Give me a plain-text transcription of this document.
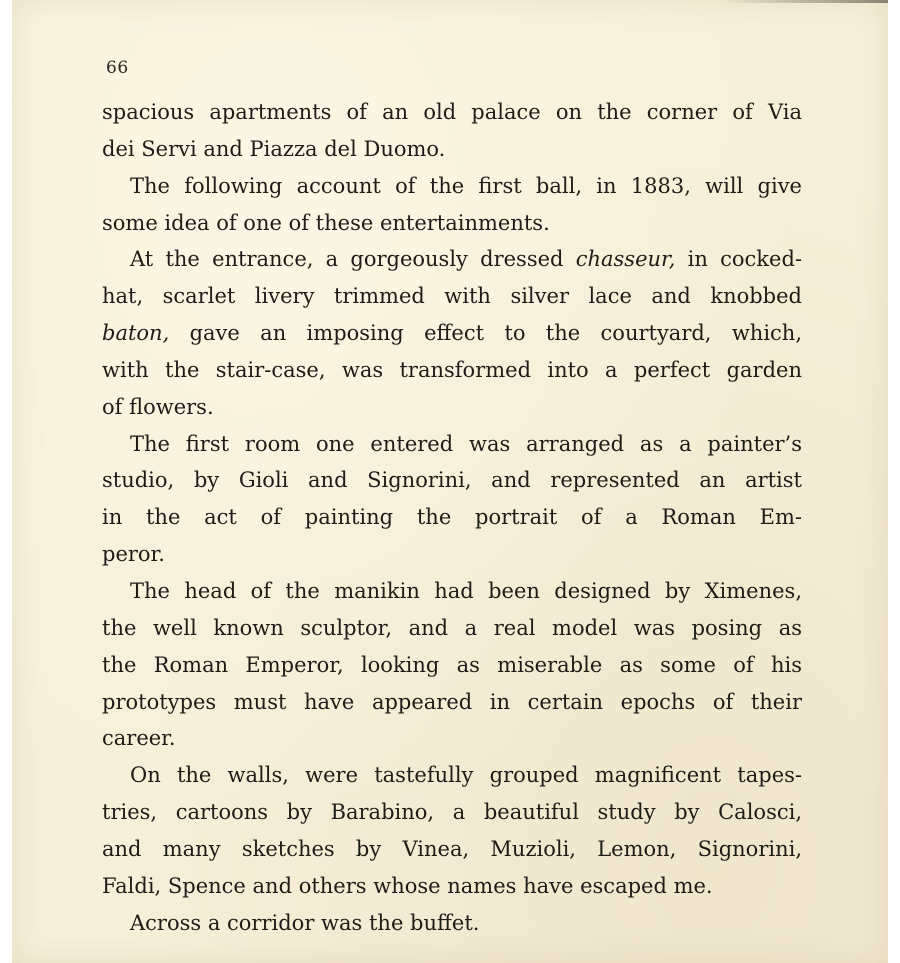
66
spacious apartments of an old palace on the corner of Via
dei Servi and Piazza del Duomo.
The following account of the first ball, in 1883, will give
some idea of one of these entertainments.
At the entrance, a gorgeously dressed chasseur, in cocked-
hat, scarlet livery trimmed with silver lace and knobbed
baton, gave an imposing effect to the courtyard, which,
with the stair-case, was transformed into a perfect garden
of flowers.
The first room one entered was arranged as a painter’s
studio, by Gioli and Signorini, and represented an artist
in the act of painting the portrait of a Roman Em-
peror.
The head of the manikin had been designed by Ximenes,
the well known sculptor, and a real model was posing as
the Roman Emperor, looking as miserable as some of his
prototypes must have appeared in certain epochs of their
career.
On the walls, were tastefully grouped magnificent tapes-
tries, cartoons by Barabino, a beautiful study by Calosci,
and many sketches by Vinea, Muzioli, Lemon, Signorini,
Faldi, Spence and others whose names have escaped me.
Across a corridor was the buffet.
